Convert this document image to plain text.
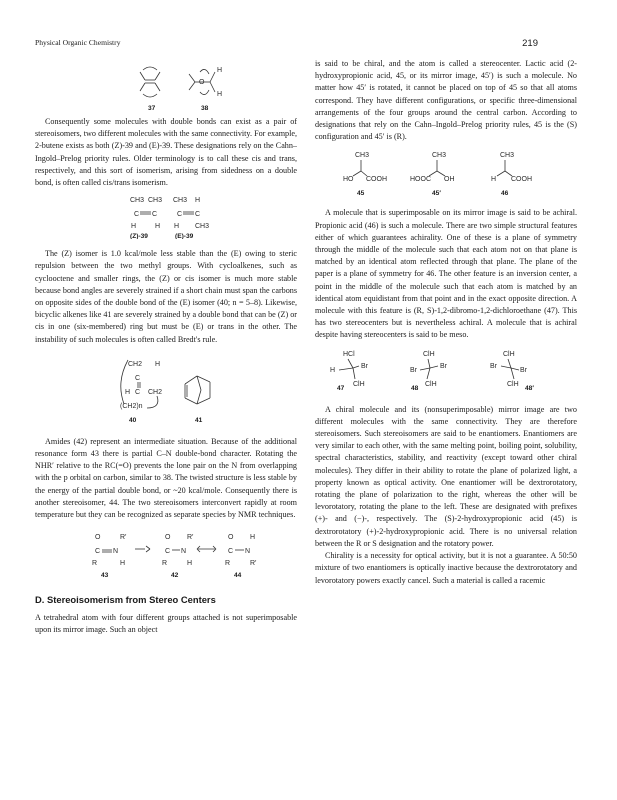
Physical Organic Chemistry	219
H
O
H
37	38

Consequently some molecules with double bonds can exist as a pair of stereoisomers, two different molecules with the same connectivity. For example, 2-butene exists as both (Z)-39 and (E)-39. These designations rely on the Cahn–Ingold–Prelog priority rules. Older terminology is to call these cis and trans, respectively, and this sort of isomerism, arising from sidedness on a double bond, is often called cis/trans isomerism.

CH3 CH3
C C
H	H
CH3 H
C C
H CH3
(Z)-39	(E)-39

The (Z) isomer is 1.0 kcal/mole less stable than the (E) owing to steric repulsion between the two methyl groups. With cycloalkenes, such as cyclooctene and smaller rings, the (Z) or cis isomer is much more stable because bond angles are severely strained if a short chain must span the carbons on opposite sides of the double bond of the (E) isomer (40; n = 5–8). Likewise, bicyclic alkenes like 41 are severely strained by a double bond that can be (Z) or cis in one (six-membered) ring but must be (E) or trans in the other. The instability of such molecules is often called Bredt's rule.

CH2 H
C
C
H	CH2
(CH2)n
40	41

Amides (42) represent an intermediate situation. Because of the additional resonance form 43 there is partial C–N double-bond character. Rotating the NHR′ relative to the RC(=O) prevents the lone pair on the N from overlapping with the p orbital on carbon, similar to 38. The twisted structure is less stable by the energy of the partial double bond, or ~20 kcal/mole. Consequently there is another stereoisomer, 44. The two stereoisomers interconvert rapidly at room temperature but they can be recognized as separate species by NMR techniques.

O	R′	O R′	O H
C N	C N	C N
R	H	R	H	R	R′
43	42	44
D. Stereoisomerism from Stereo Centers

A tetrahedral atom with four different groups attached is not superimposable upon its mirror image. Such an object

is said to be chiral, and the atom is called a stereocenter. Lactic acid (2-hydroxypropionic acid, 45, or its mirror image, 45′) is such a molecule. No matter how 45′ is rotated, it cannot be placed on top of 45 so that all atoms correspond. They have different configurations, or specific three-dimensional arrangements of the four groups around the central carbon. According to designations that rely on the Cahn–Ingold–Prelog priority rules, 45 is the (S) configuration and 45′ is (R).

CH3	CH3	CH3
HO COOH	HOOC OH	H COOH
45	45′	46

A molecule that is superimposable on its mirror image is said to be achiral. Propionic acid (46) is such a molecule. There are two simple structural features either of which guarantees achirality. One of these is a plane of symmetry through the middle of the molecule such that each atom not on that plane is matched by an identical atom reflected through that plane. The plane of the paper is a plane of symmetry for 46. The other feature is an inversion center, a point in the middle of the molecule such that each atom is matched by an identical atom equidistant from that point and in the exact opposite direction. A molecule with this feature is (R, S)-1,2-dibromo-1,2-dichloroethane (47). This has two stereocenters but is nevertheless achiral. A molecule that is achiral despite having stereocenters is said to be meso.

HCl	ClH	ClH
H
Br
Br
Br	Br
Br
ClH	ClH	ClH
47	48	48′

A chiral molecule and its (nonsuperimposable) mirror image are two different molecules with the same connectivity. They are therefore stereoisomers. Such stereoisomers are said to be enantiomers. Enantiomers are very similar to each other, with the same melting point, boiling point, solubility, spectral characteristics, stability, and reactivity (except toward other chiral molecules). They differ in their ability to rotate the plane of polarized light, a property known as optical activity. One enantiomer will be dextrorotatory, rotating the plane of polarization to the right, whereas the other will be levorotatory, rotating the plane to the left. These are designated with prefixes (+)- and (−)-, respectively. The (S)-2-hydroxypropionic acid (45) is dextrorotatory (+)-2-hydroxypropionic acid. There is no universal relation between the R or S designation and the rotatory power.

Chirality is a necessity for optical activity, but it is not a guarantee. A 50:50 mixture of two enantiomers is optically inactive because the dextrorotatory and levorotatory powers exactly cancel. Such a material is called a racemic
